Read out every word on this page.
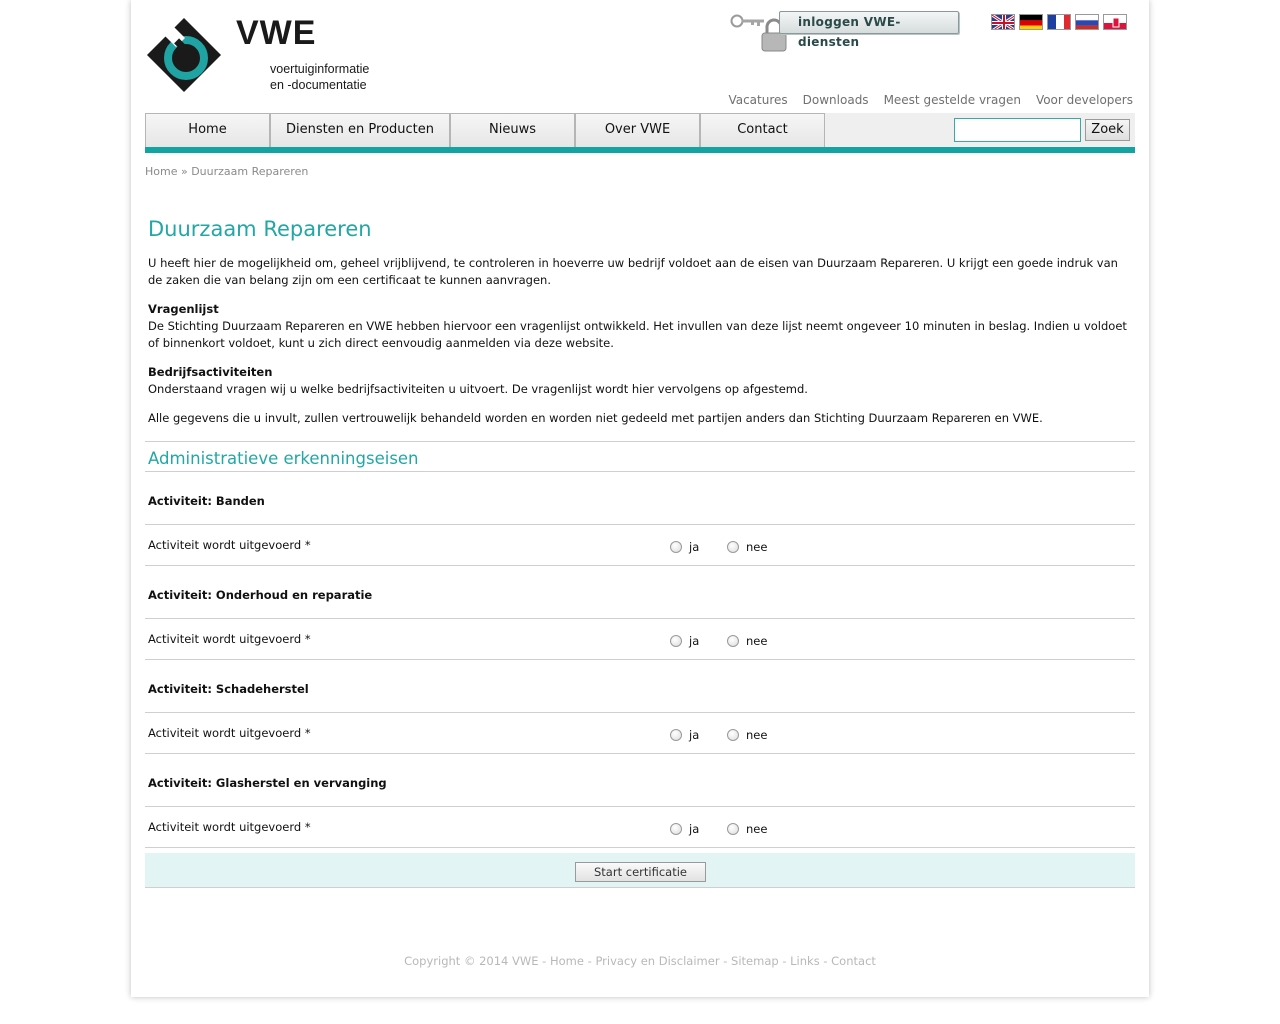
VWE
voertuiginformatie
en -documentatie
inloggen VWE-diensten
Vacatures Downloads Meest gestelde vragen Voor developers
Home	Diensten en Producten	Nieuws	Over VWE	Contact	Zoek
Home » Duurzaam Repareren
Duurzaam Repareren
U heeft hier de mogelijkheid om, geheel vrijblijvend, te controleren in hoeverre uw bedrijf voldoet aan de eisen van Duurzaam Repareren. U krijgt een goede indruk van de zaken die van belang zijn om een certificaat te kunnen aanvragen.
Vragenlijst
De Stichting Duurzaam Repareren en VWE hebben hiervoor een vragenlijst ontwikkeld. Het invullen van deze lijst neemt ongeveer 10 minuten in beslag. Indien u voldoet of binnenkort voldoet, kunt u zich direct eenvoudig aanmelden via deze website.
Bedrijfsactiviteiten
Onderstaand vragen wij u welke bedrijfsactiviteiten u uitvoert. De vragenlijst wordt hier vervolgens op afgestemd.
Alle gegevens die u invult, zullen vertrouwelijk behandeld worden en worden niet gedeeld met partijen anders dan Stichting Duurzaam Repareren en VWE.
Administratieve erkenningseisen
Activiteit: Banden
Activiteit wordt uitgevoerd *	ja	nee
Activiteit: Onderhoud en reparatie
Activiteit wordt uitgevoerd *	ja	nee
Activiteit: Schadeherstel
Activiteit wordt uitgevoerd *	ja	nee
Activiteit: Glasherstel en vervanging
Activiteit wordt uitgevoerd *	ja	nee
Start certificatie
Copyright © 2014 VWE - Home - Privacy en Disclaimer - Sitemap - Links - Contact
